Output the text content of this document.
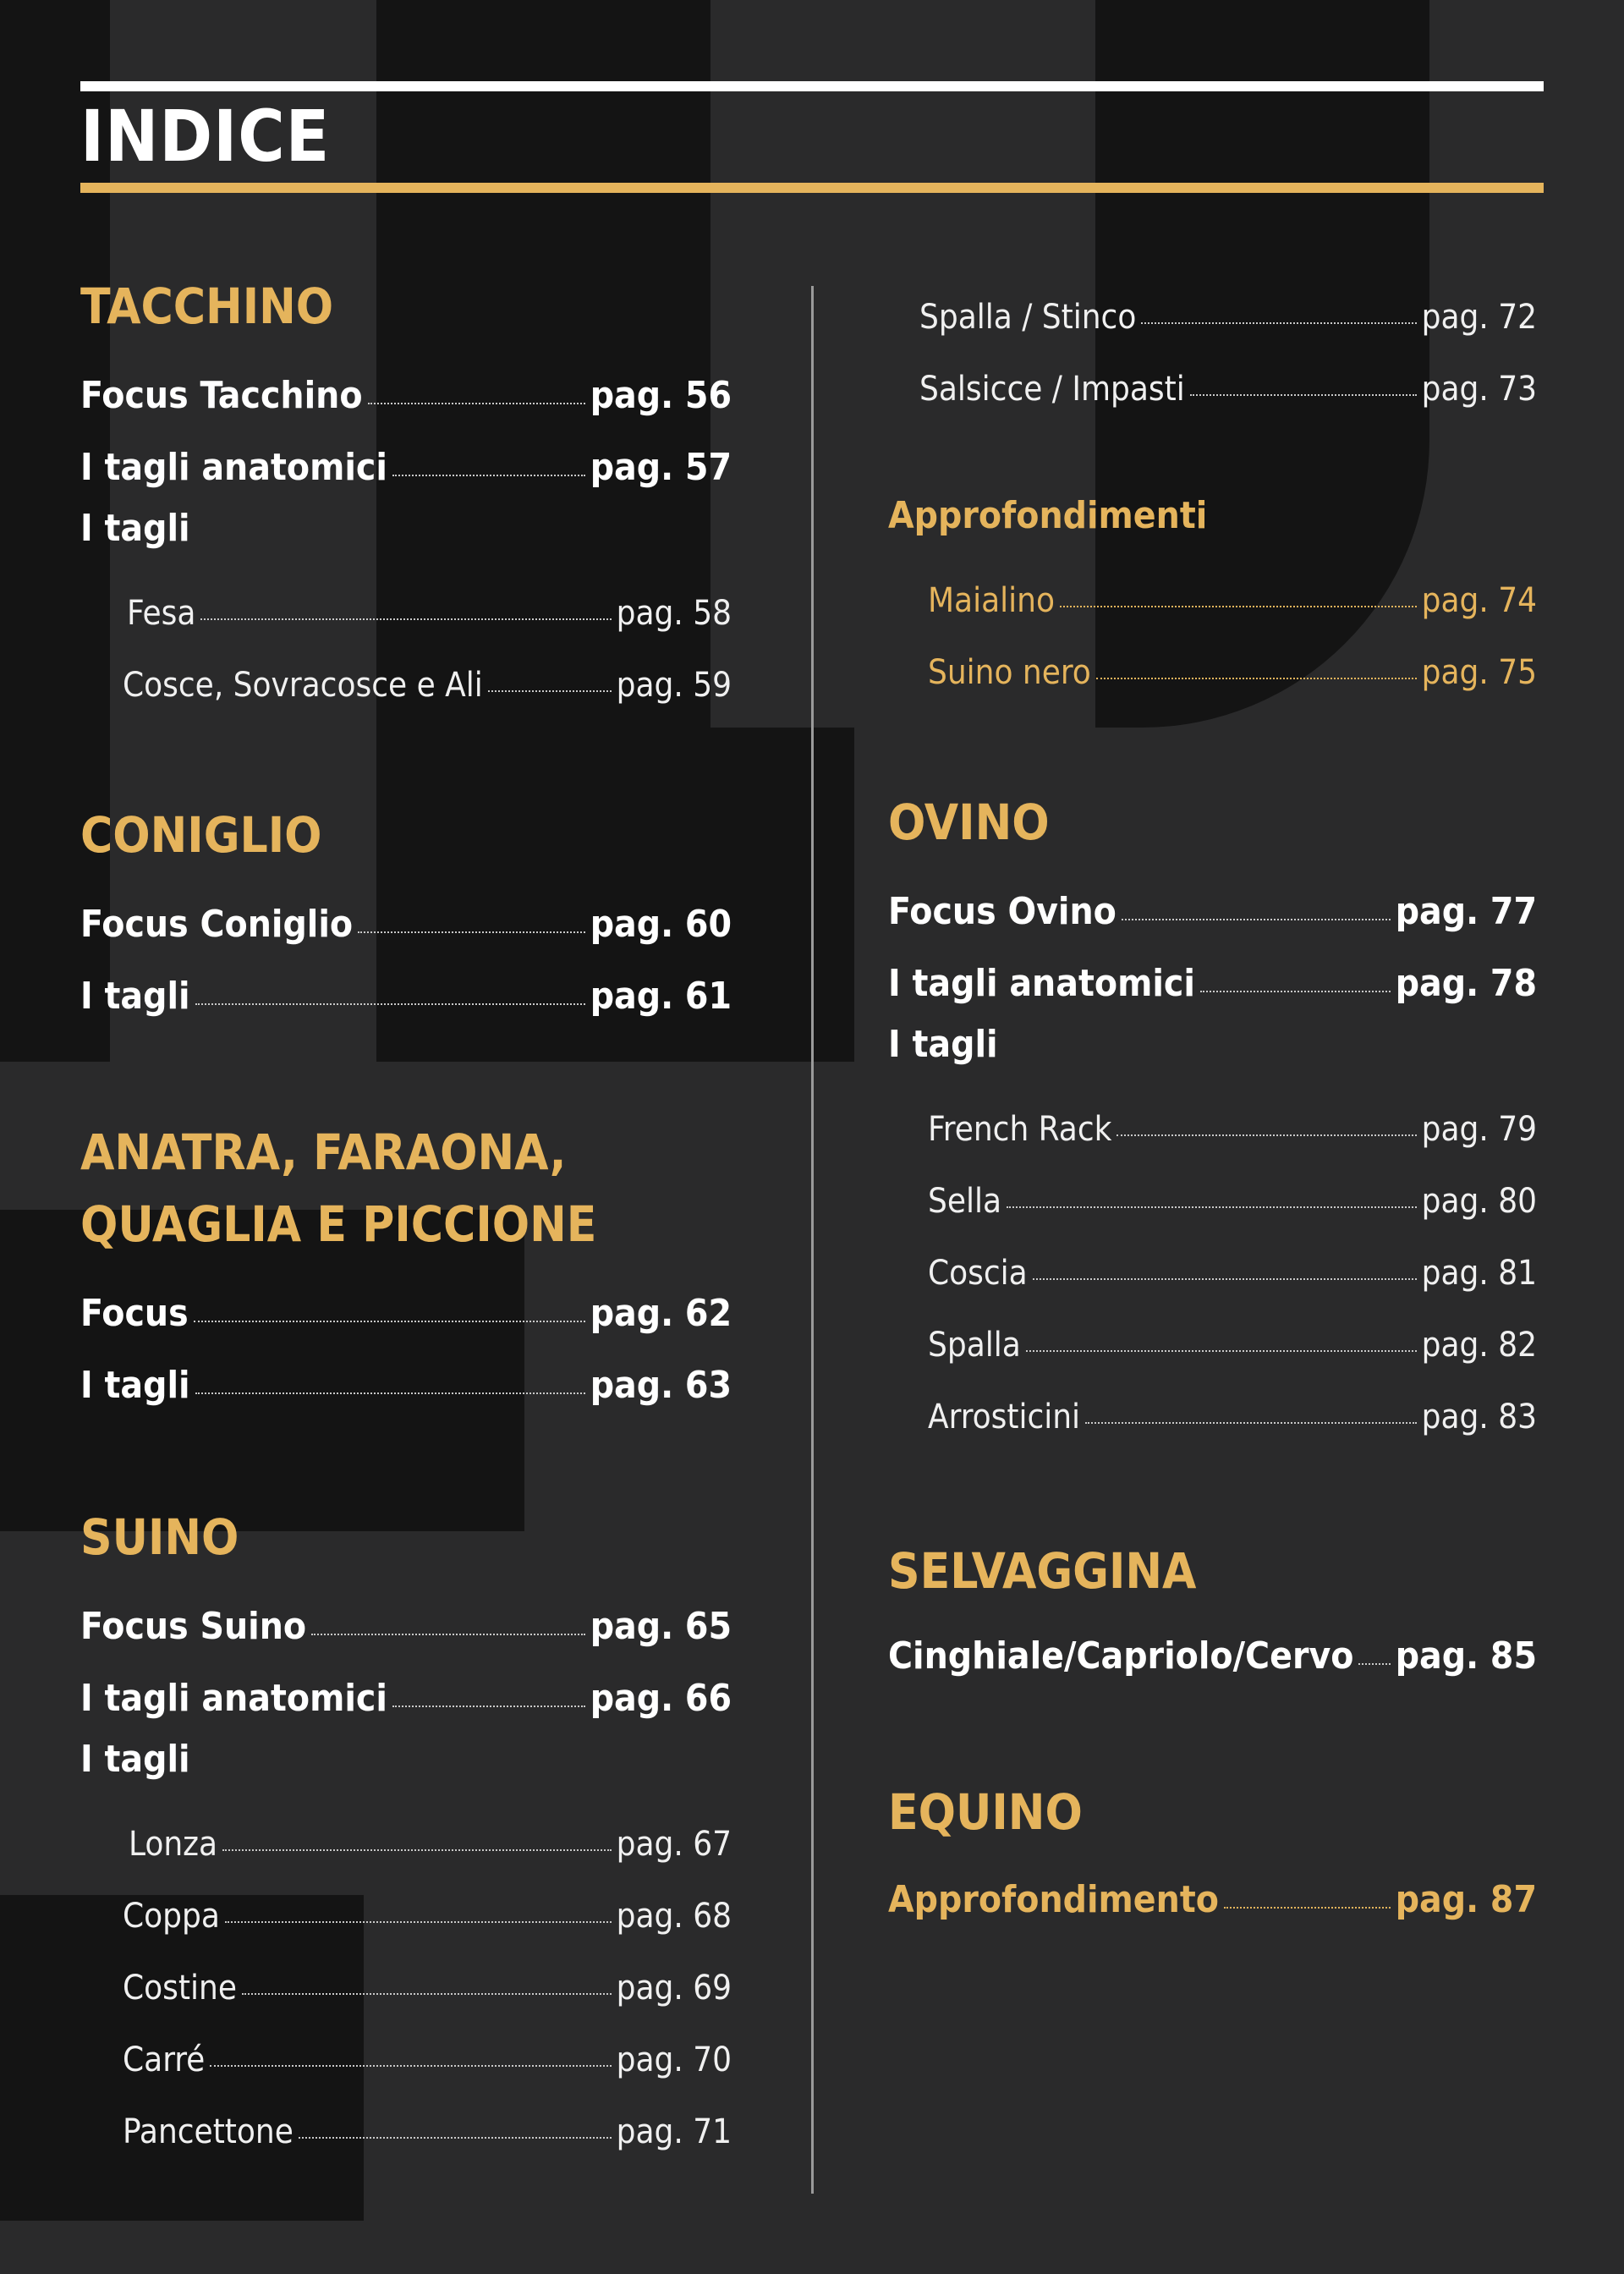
INDICE
TACCHINO
Focus Tacchino	pag. 56
I tagli anatomici	pag. 57
I tagli
Fesa	pag. 58
Cosce, Sovracosce e Ali	pag. 59
CONIGLIO
Focus Coniglio	pag. 60
I tagli	pag. 61
ANATRA, FARAONA,
QUAGLIA E PICCIONE
Focus	pag. 62
I tagli	pag. 63
SUINO
Focus Suino	pag. 65
I tagli anatomici	pag. 66
I tagli
Lonza	pag. 67
Coppa	pag. 68
Costine	pag. 69
Carré	pag. 70
Pancettone	pag. 71
Spalla / Stinco	pag. 72
Salsicce / Impasti	pag. 73
Approfondimenti
Maialino	pag. 74
Suino nero	pag. 75
OVINO
Focus Ovino	pag. 77
I tagli anatomici	pag. 78
I tagli
French Rack	pag. 79
Sella	pag. 80
Coscia	pag. 81
Spalla	pag. 82
Arrosticini	pag. 83
SELVAGGINA
Cinghiale/Capriolo/Cervo pag. 85
EQUINO
Approfondimento	pag. 87
